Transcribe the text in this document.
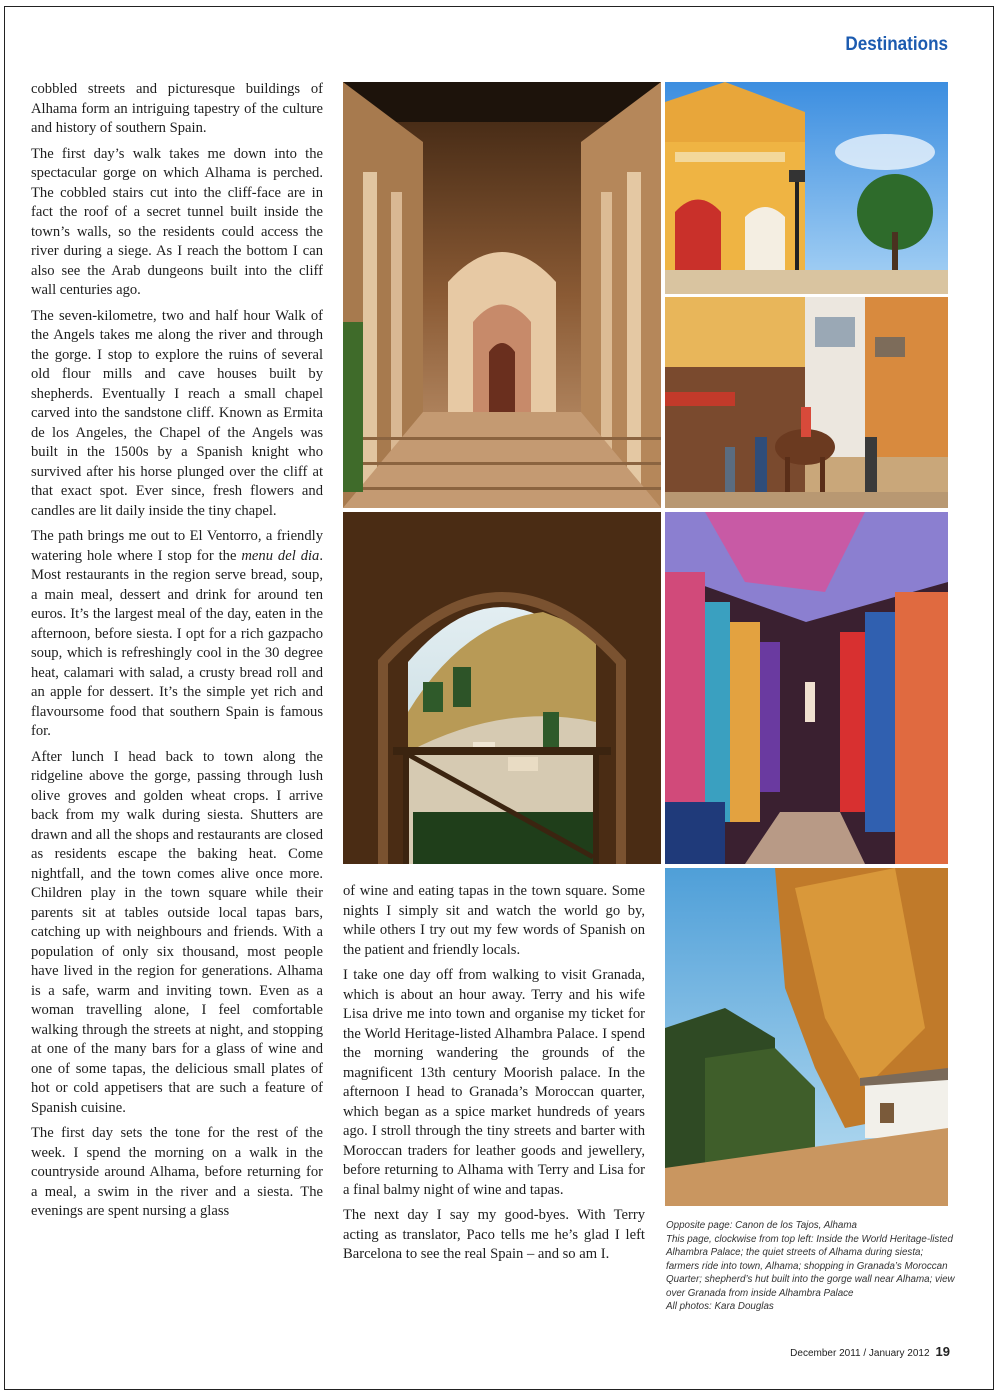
Destinations

cobbled streets and picturesque buildings of Alhama form an intriguing tapestry of the culture and history of southern Spain.

The first day’s walk takes me down into the spectacular gorge on which Alhama is perched. The cobbled stairs cut into the cliff-face are in fact the roof of a secret tunnel built inside the town’s walls, so the residents could access the river during a siege. As I reach the bottom I can also see the Arab dungeons built into the cliff wall centuries ago.

The seven-kilometre, two and half hour Walk of the Angels takes me along the river and through the gorge. I stop to explore the ruins of several old flour mills and cave houses built by shepherds. Eventually I reach a small chapel carved into the sandstone cliff. Known as Ermita de los Angeles, the Chapel of the Angels was built in the 1500s by a Spanish knight who survived after his horse plunged over the cliff at that exact spot. Ever since, fresh flowers and candles are lit daily inside the tiny chapel.

The path brings me out to El Ventorro, a friendly watering hole where I stop for the menu del dia. Most restaurants in the region serve bread, soup, a main meal, dessert and drink for around ten euros. It’s the largest meal of the day, eaten in the afternoon, before siesta. I opt for a rich gazpacho soup, which is refreshingly cool in the 30 degree heat, calamari with salad, a crusty bread roll and an apple for dessert. It’s the simple yet rich and flavoursome food that southern Spain is famous for.

After lunch I head back to town along the ridgeline above the gorge, passing through lush olive groves and golden wheat crops. I arrive back from my walk during siesta. Shutters are drawn and all the shops and restaurants are closed as residents escape the baking heat. Come nightfall, and the town comes alive once more. Children play in the town square while their parents sit at tables outside local tapas bars, catching up with neighbours and friends. With a population of only six thousand, most people have lived in the region for generations. Alhama is a safe, warm and inviting town. Even as a woman travelling alone, I feel comfortable walking through the streets at night, and stopping at one of the many bars for a glass of wine and one of some tapas, the delicious small plates of hot or cold appetisers that are such a feature of Spanish cuisine.

The first day sets the tone for the rest of the week. I spend the morning on a walk in the countryside around Alhama, before returning for a meal, a swim in the river and a siesta. The evenings are spent nursing a glass

of wine and eating tapas in the town square. Some nights I simply sit and watch the world go by, while others I try out my few words of Spanish on the patient and friendly locals.

I take one day off from walking to visit Granada, which is about an hour away. Terry and his wife Lisa drive me into town and organise my ticket for the World Heritage-listed Alhambra Palace. I spend the morning wandering the grounds of the magnificent 13th century Moorish palace. In the afternoon I head to Granada’s Moroccan quarter, which began as a spice market hundreds of years ago. I stroll through the tiny streets and barter with Moroccan traders for leather goods and jewellery, before returning to Alhama with Terry and Lisa for a final balmy night of wine and tapas.

The next day I say my good-byes. With Terry acting as translator, Paco tells me he’s glad I left Barcelona to see the real Spain – and so am I.

Opposite page: Canon de los Tajos, Alhama
This page, clockwise from top left: Inside the World Heritage-listed Alhambra Palace; the quiet streets of Alhama during siesta; farmers ride into town, Alhama; shopping in Granada’s Moroccan Quarter; shepherd’s hut built into the gorge wall near Alhama; view over Granada from inside Alhambra Palace
All photos: Kara Douglas
December 2011 / January 2012 19
